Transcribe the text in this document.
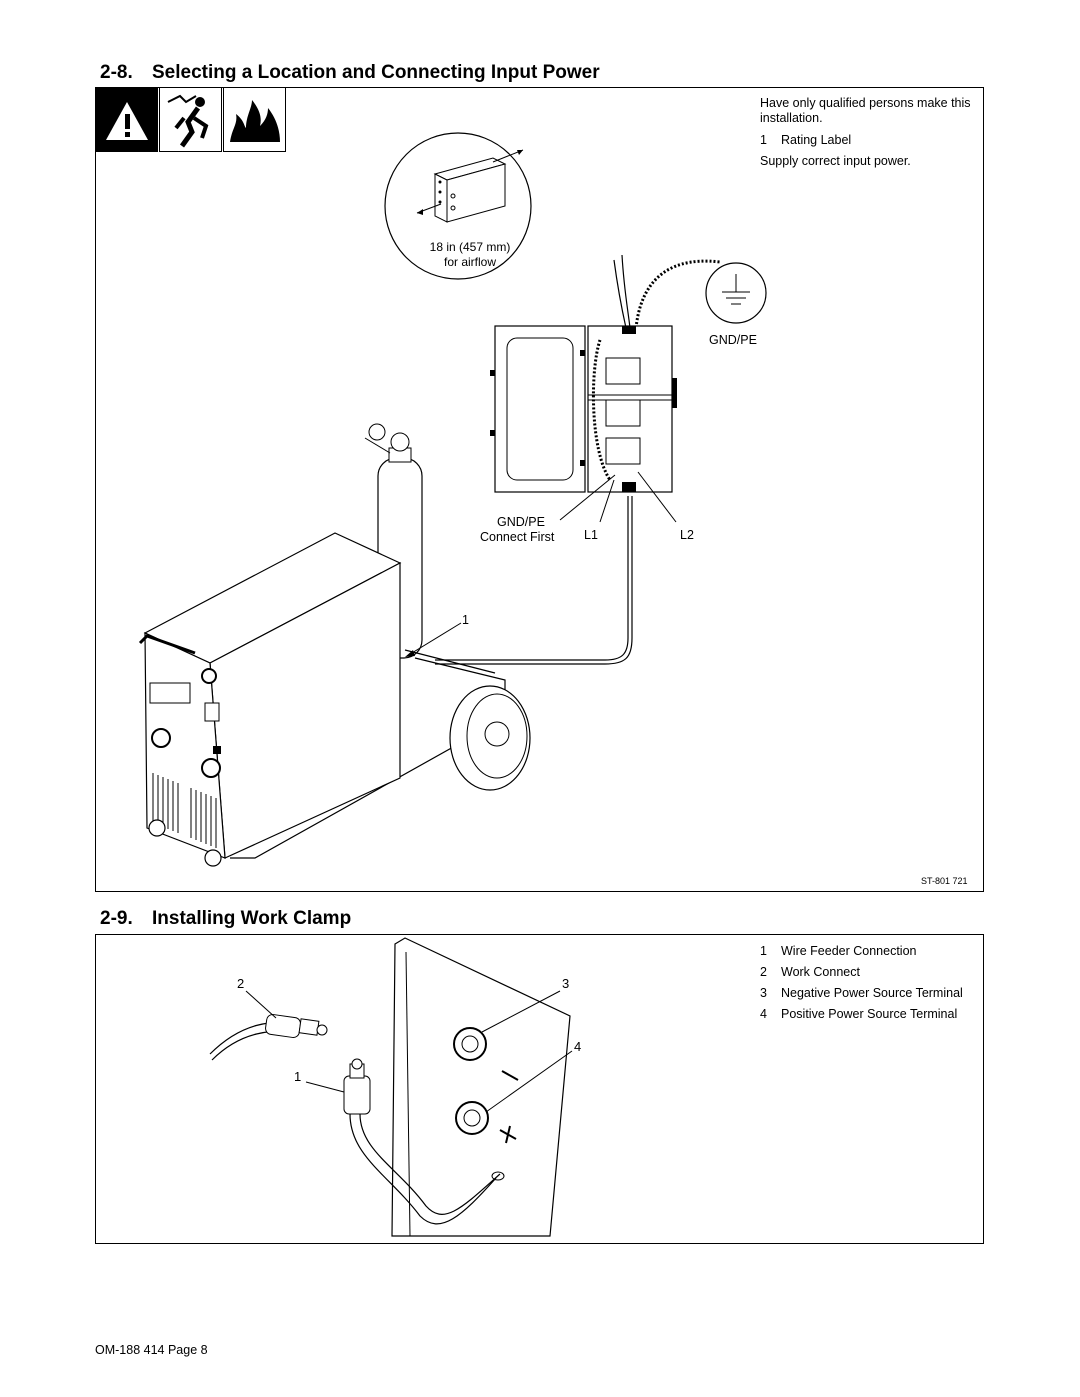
2-8. Selecting a Location and Connecting Input Power

Have only qualified persons make this installation.

1	Rating Label

Supply correct input power.

18 in (457 mm)
for airflow
GND/PE
GND/PE
Connect First L1	L2
1
ST-801 721
2-9. Installing Work Clamp
1	Wire Feeder Connection
2	Work Connect
3	Negative Power Source Terminal
4	Positive Power Source Terminal
2	3
4
1
OM-188 414 Page 8
